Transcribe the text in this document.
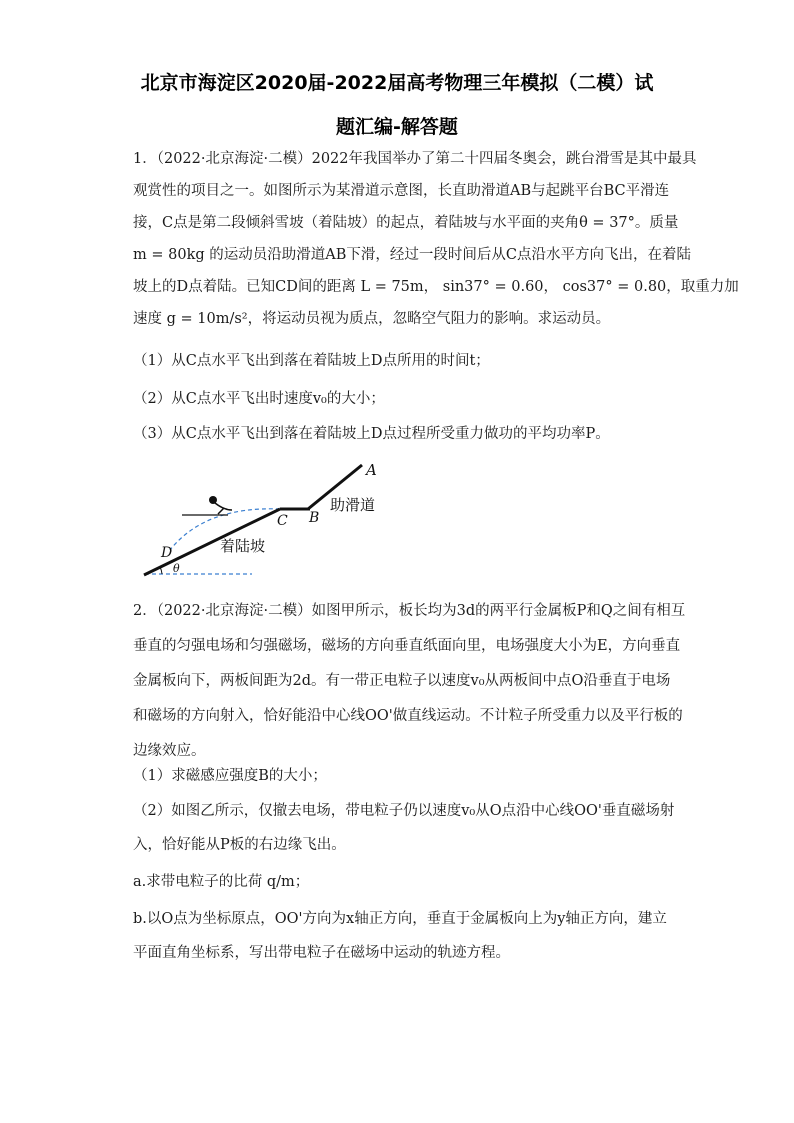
北京市海淀区2020届-2022届高考物理三年模拟（二模）试
题汇编-解答题
1．（2022·北京海淀·二模）2022年我国举办了第二十四届冬奥会，跳台滑雪是其中最具
观赏性的项目之一。如图所示为某滑道示意图，长直助滑道AB与起跳平台BC平滑连
接，C点是第二段倾斜雪坡（着陆坡）的起点，着陆坡与水平面的夹角θ = 37°。质量
m = 80kg 的运动员沿助滑道AB下滑，经过一段时间后从C点沿水平方向飞出，在着陆
坡上的D点着陆。已知CD间的距离 L = 75m， sin37° = 0.60， cos37° = 0.80，取重力加
速度 g = 10m/s²，将运动员视为质点，忽略空气阻力的影响。求运动员。
（1）从C点水平飞出到落在着陆坡上D点所用的时间t；
（2）从C点水平飞出时速度v₀的大小；
（3）从C点水平飞出到落在着陆坡上D点过程所受重力做功的平均功率P。
A
B
C
D
θ
助滑道
着陆坡
2．（2022·北京海淀·二模）如图甲所示，板长均为3d的两平行金属板P和Q之间有相互
垂直的匀强电场和匀强磁场，磁场的方向垂直纸面向里，电场强度大小为E，方向垂直
金属板向下，两板间距为2d。有一带正电粒子以速度v₀从两板间中点O沿垂直于电场
和磁场的方向射入，恰好能沿中心线OO'做直线运动。不计粒子所受重力以及平行板的
边缘效应。
（1）求磁感应强度B的大小；
（2）如图乙所示，仅撤去电场，带电粒子仍以速度v₀从O点沿中心线OO'垂直磁场射
入，恰好能从P板的右边缘飞出。
a.求带电粒子的比荷 q/m；
b.以O点为坐标原点，OO'方向为x轴正方向，垂直于金属板向上为y轴正方向，建立
平面直角坐标系，写出带电粒子在磁场中运动的轨迹方程。
